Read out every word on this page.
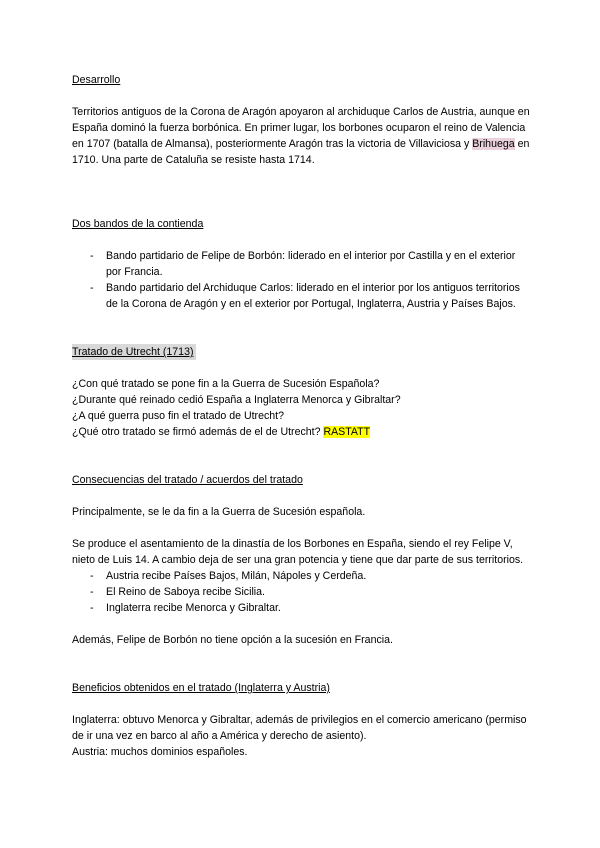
Desarrollo

Territorios antiguos de la Corona de Aragón apoyaron al archiduque Carlos de Austria, aunque en España dominó la fuerza borbónica. En primer lugar, los borbones ocuparon el reino de Valencia en 1707 (batalla de Almansa), posteriormente Aragón tras la victoria de Villaviciosa y Brihuega en 1710. Una parte de Cataluña se resiste hasta 1714.

Dos bandos de la contienda

- Bando partidario de Felipe de Borbón: liderado en el interior por Castilla y en el exterior por Francia.
- Bando partidario del Archiduque Carlos: liderado en el interior por los antiguos territorios de la Corona de Aragón y en el exterior por Portugal, Inglaterra, Austria y Países Bajos.

Tratado de Utrecht (1713)

¿Con qué tratado se pone fin a la Guerra de Sucesión Española?

¿Durante qué reinado cedió España a Inglaterra Menorca y Gibraltar?

¿A qué guerra puso fin el tratado de Utrecht?

¿Qué otro tratado se firmó además de el de Utrecht? RASTATT

Consecuencias del tratado / acuerdos del tratado

Principalmente, se le da fin a la Guerra de Sucesión española.

Se produce el asentamiento de la dinastía de los Borbones en España, siendo el rey Felipe V, nieto de Luis 14. A cambio deja de ser una gran potencia y tiene que dar parte de sus territorios.

- Austria recibe Países Bajos, Milán, Nápoles y Cerdeña.
- El Reino de Saboya recibe Sicilia.
- Inglaterra recibe Menorca y Gibraltar.

Además, Felipe de Borbón no tiene opción a la sucesión en Francia.

Beneficios obtenidos en el tratado (Inglaterra y Austria)

Inglaterra: obtuvo Menorca y Gibraltar, además de privilegios en el comercio americano (permiso de ir una vez en barco al año a América y derecho de asiento).

Austria: muchos dominios españoles.
